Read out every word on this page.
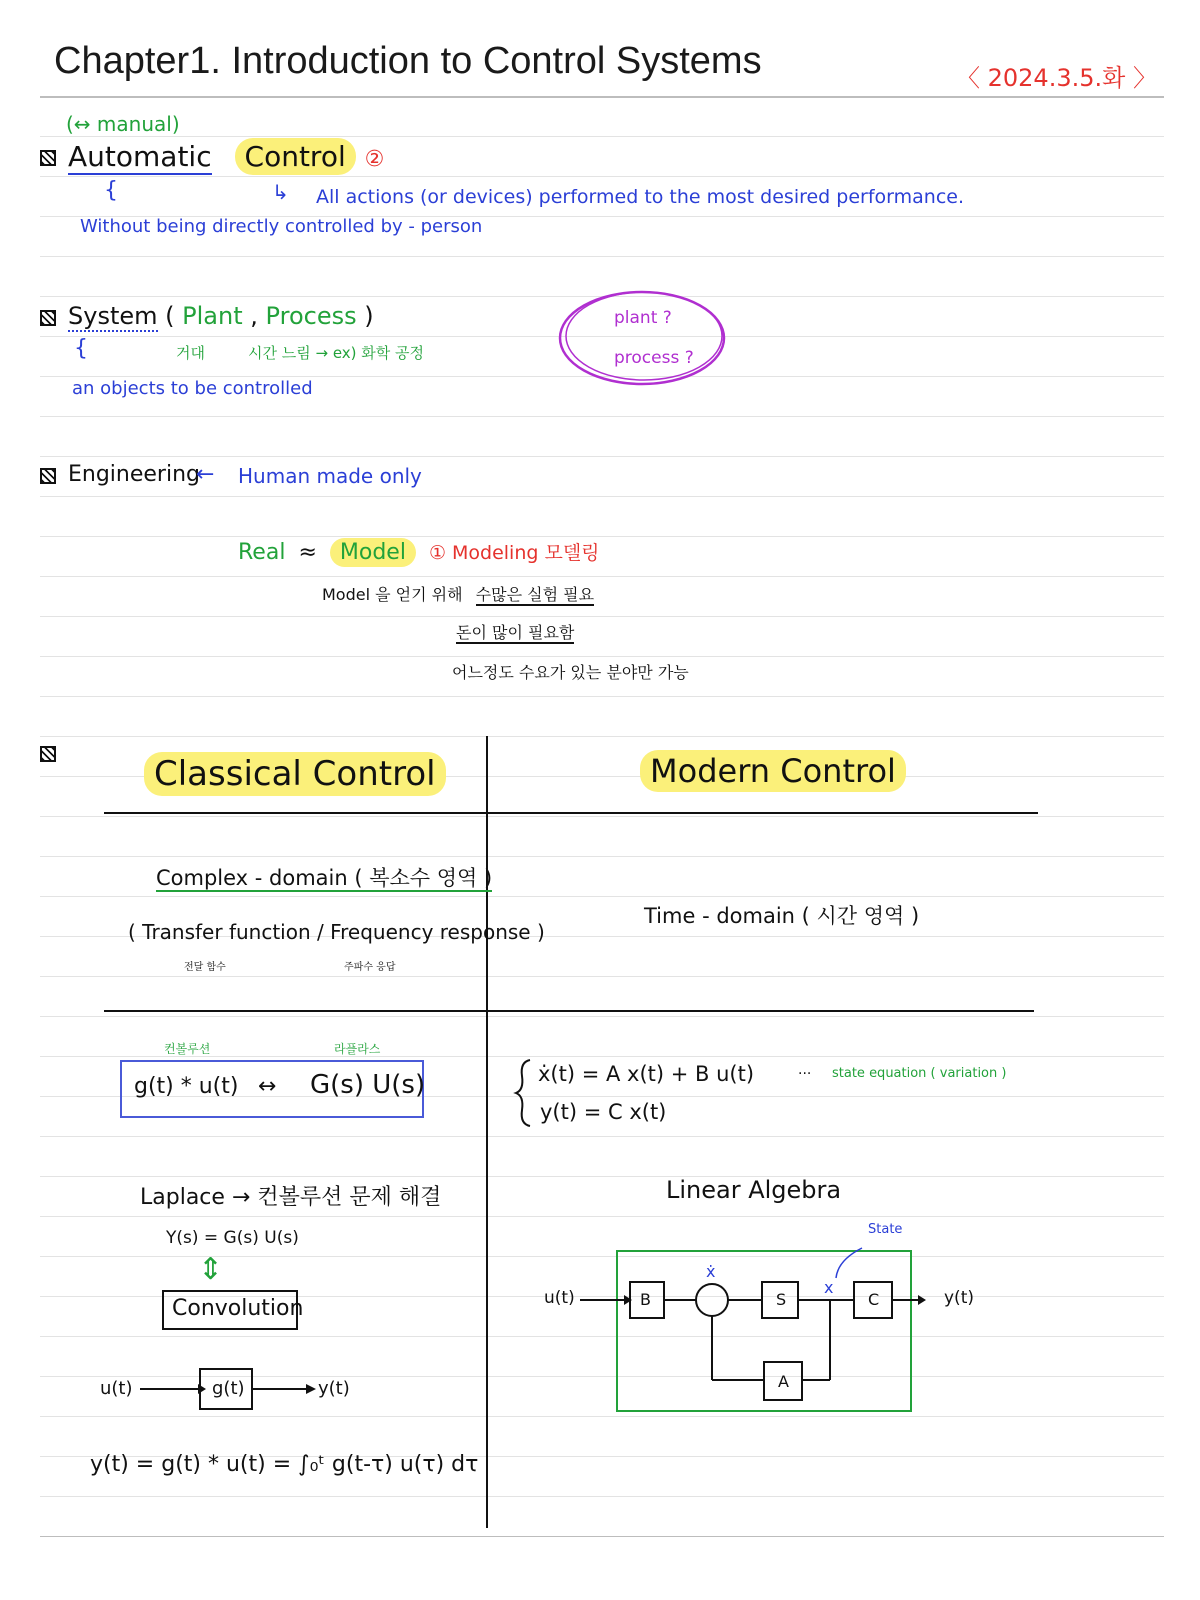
Chapter1. Introduction to Control Systems	〈 2024.3.5.화 〉
(↔ manual)
Automatic Control ②
{	↳ All actions (or devices) performed to the most desired performance.
Without being directly controlled by - person
System ( Plant , Process )
{	거대	시간 느림 → ex) 화학 공정
an objects to be controlled
plant ?
process ?
Engineering
← Human made only
Real ≈ Model ① Modeling 모델링
Model 을 얻기 위해 수많은 실험 필요
돈이 많이 필요함
어느정도 수요가 있는 분야만 가능
Classical Control	Modern Control
Complex - domain ( 복소수 영역 )
( Transfer function / Frequency response )
전달 함수	주파수 응답
Time - domain ( 시간 영역 )
컨볼루션	라플라스
g(t) * u(t) ↔ G(s) U(s)	ẋ(t) = A x(t) + B u(t)	··· state equation ( variation )
y(t) = C x(t)
Laplace → 컨볼루션 문제 해결
Y(s) = G(s) U(s)
⇕
Convolution
u(t)	g(t)	y(t)
y(t) = g(t) * u(t) = ∫₀ᵗ g(t-τ) u(τ) dτ
Linear Algebra
State
u(t)	B
ẋ
S
x
C
A
y(t)
